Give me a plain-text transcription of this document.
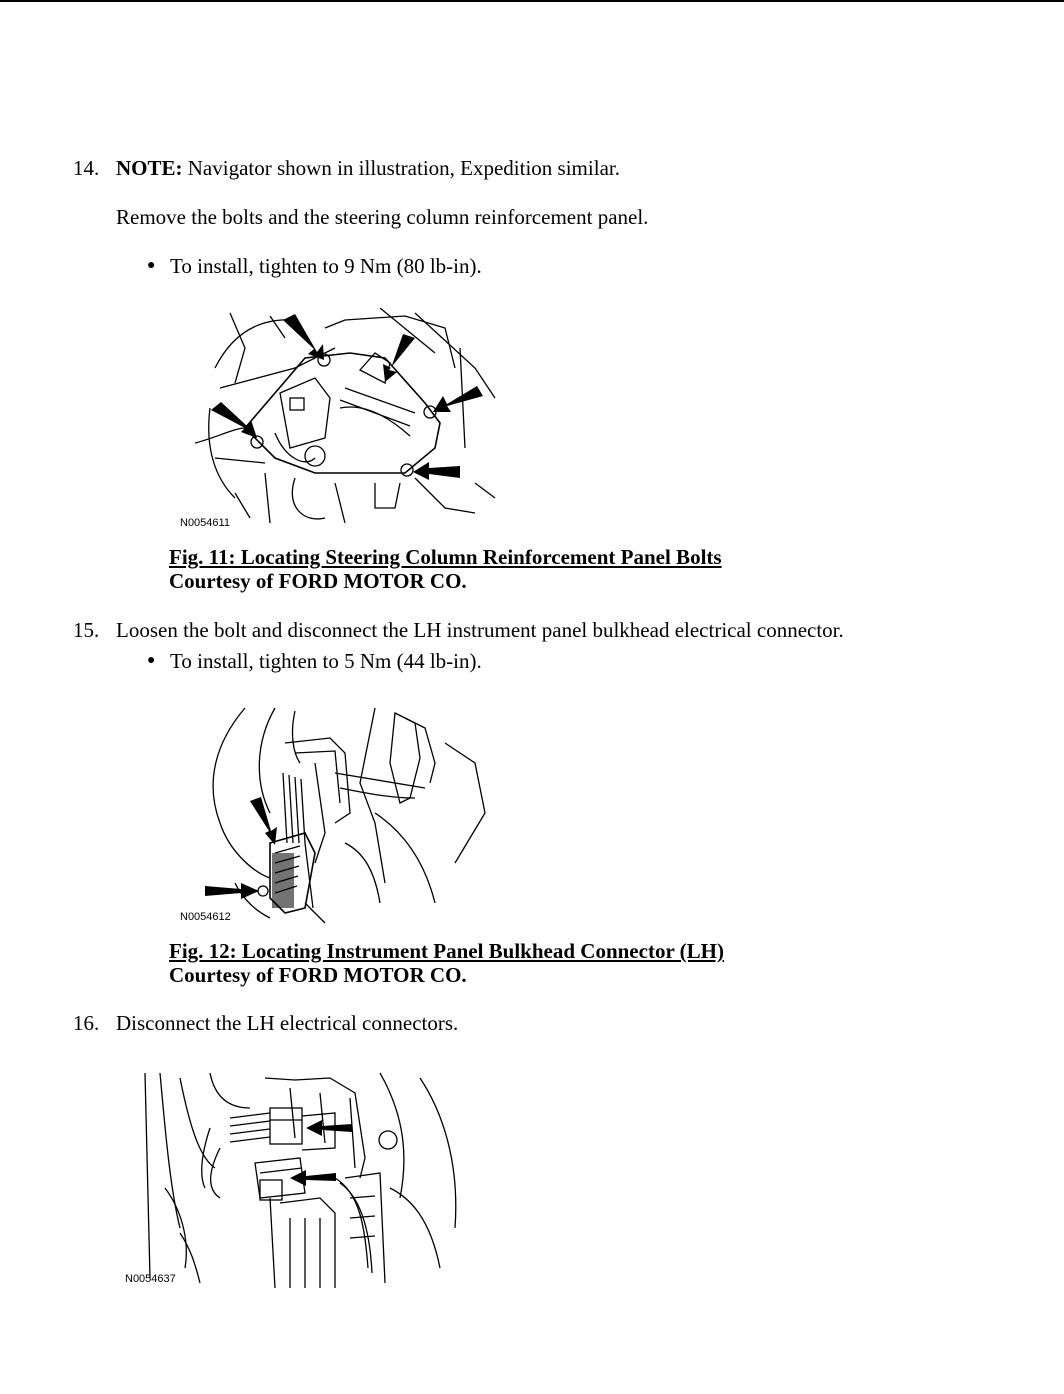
14. NOTE: Navigator shown in illustration, Expedition similar.
Remove the bolts and the steering column reinforcement panel.
● To install, tighten to 9 Nm (80 lb-in).
N0054611
Fig. 11: Locating Steering Column Reinforcement Panel Bolts
Courtesy of FORD MOTOR CO.
15. Loosen the bolt and disconnect the LH instrument panel bulkhead electrical connector.
● To install, tighten to 5 Nm (44 lb-in).
N0054612
Fig. 12: Locating Instrument Panel Bulkhead Connector (LH)
Courtesy of FORD MOTOR CO.
16. Disconnect the LH electrical connectors.
N0054637
